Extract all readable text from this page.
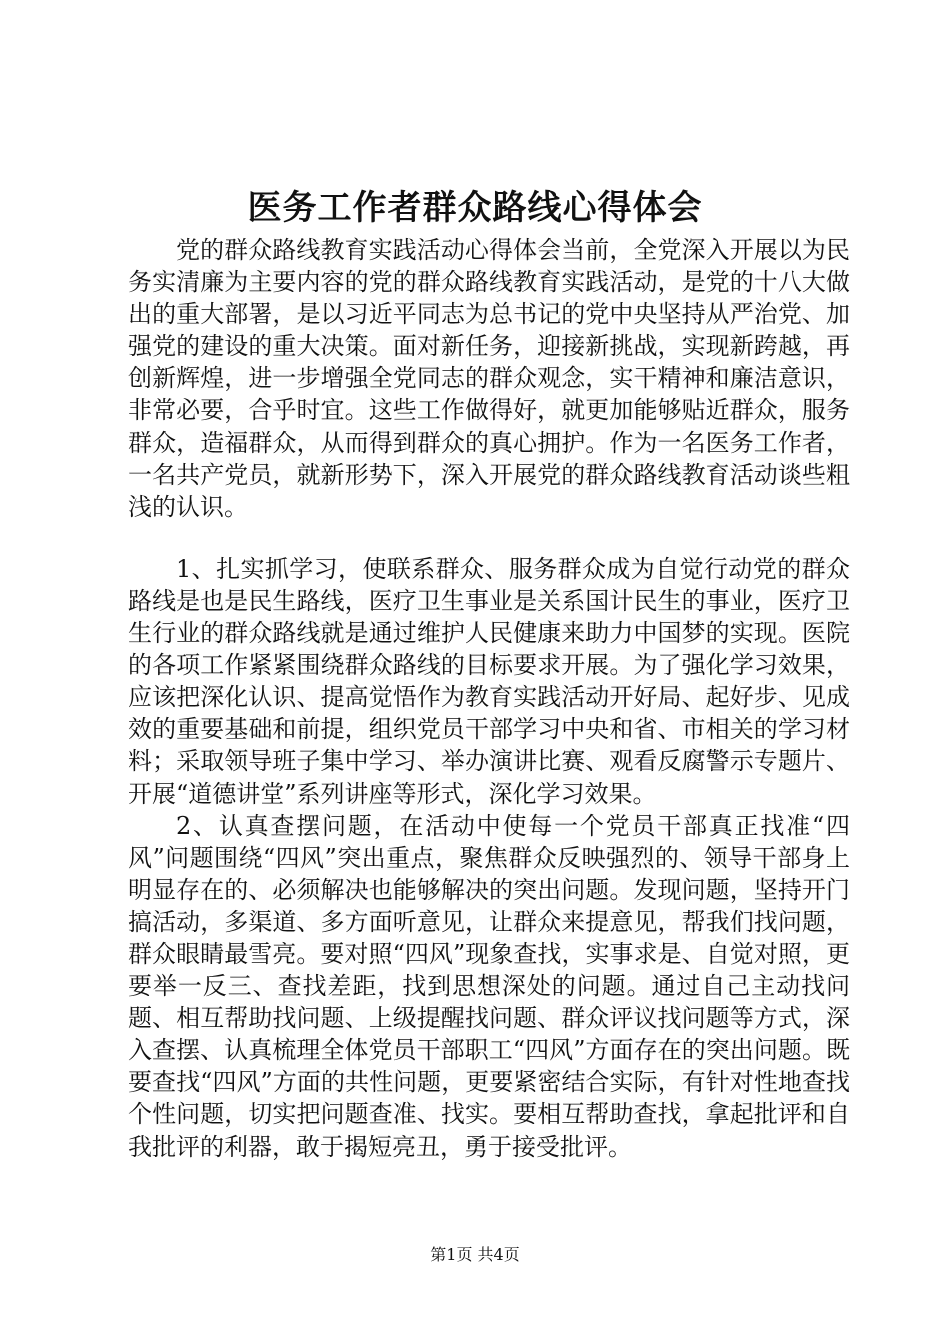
医务工作者群众路线心得体会

党的群众路线教育实践活动心得体会当前，全党深入开展以为民务实清廉为主要内容的党的群众路线教育实践活动，是党的十八大做出的重大部署，是以习近平同志为总书记的党中央坚持从严治党、加强党的建设的重大决策。面对新任务，迎接新挑战，实现新跨越，再创新辉煌，进一步增强全党同志的群众观念，实干精神和廉洁意识，非常必要，合乎时宜。这些工作做得好，就更加能够贴近群众，服务群众，造福群众，从而得到群众的真心拥护。作为一名医务工作者，一名共产党员，就新形势下，深入开展党的群众路线教育活动谈些粗浅的认识。

1、扎实抓学习，使联系群众、服务群众成为自觉行动党的群众路线是也是民生路线，医疗卫生事业是关系国计民生的事业，医疗卫生行业的群众路线就是通过维护人民健康来助力中国梦的实现。医院的各项工作紧紧围绕群众路线的目标要求开展。为了强化学习效果，应该把深化认识、提高觉悟作为教育实践活动开好局、起好步、见成效的重要基础和前提，组织党员干部学习中央和省、市相关的学习材料；采取领导班子集中学习、举办演讲比赛、观看反腐警示专题片、开展“道德讲堂”系列讲座等形式，深化学习效果。

2、认真查摆问题，在活动中使每一个党员干部真正找准“四风”问题围绕“四风”突出重点，聚焦群众反映强烈的、领导干部身上明显存在的、必须解决也能够解决的突出问题。发现问题，坚持开门搞活动，多渠道、多方面听意见，让群众来提意见，帮我们找问题，群众眼睛最雪亮。要对照“四风”现象查找，实事求是、自觉对照，更要举一反三、查找差距，找到思想深处的问题。通过自己主动找问题、相互帮助找问题、上级提醒找问题、群众评议找问题等方式，深入查摆、认真梳理全体党员干部职工“四风”方面存在的突出问题。既要查找“四风”方面的共性问题，更要紧密结合实际，有针对性地查找个性问题，切实把问题查准、找实。要相互帮助查找，拿起批评和自我批评的利器，敢于揭短亮丑，勇于接受批评。

第1页 共4页
